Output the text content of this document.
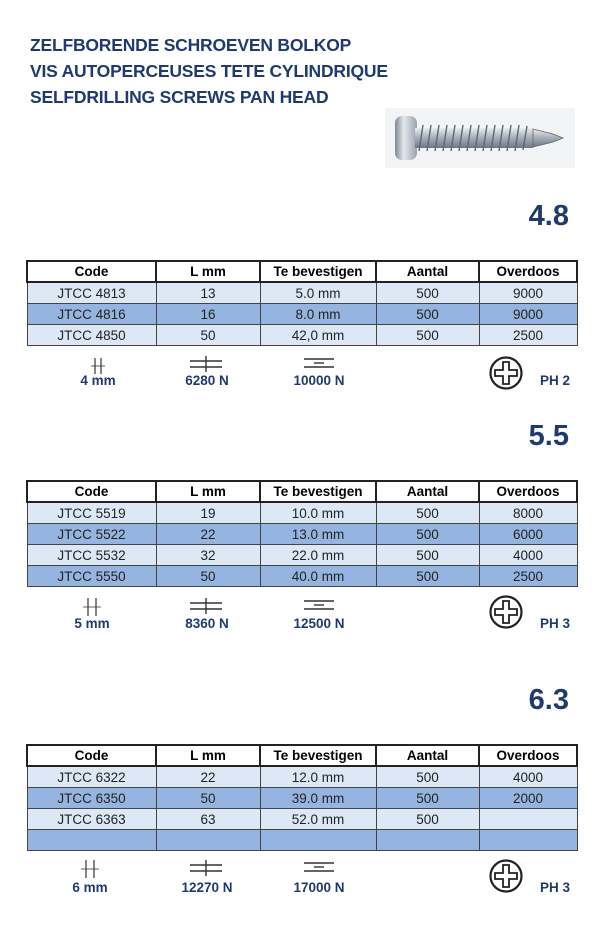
ZELFBORENDE SCHROEVEN BOLKOP
VIS AUTOPERCEUSES TETE CYLINDRIQUE
SELFDRILLING SCREWS PAN HEAD
4.8
Code	L mm	Te bevestigen	Aantal	Overdoos
JTCC 4813	13	5.0 mm	500	9000
JTCC 4816	16	8.0 mm	500	9000
JTCC 4850	50	42,0 mm	500	2500
4 mm	6280 N	10000 N	PH 2
5.5
Code	L mm	Te bevestigen	Aantal	Overdoos
JTCC 5519	19	10.0 mm	500	8000
JTCC 5522	22	13.0 mm	500	6000
JTCC 5532	32	22.0 mm	500	4000
JTCC 5550	50	40.0 mm	500	2500
5 mm	8360 N	12500 N	PH 3
6.3
Code	L mm	Te bevestigen	Aantal	Overdoos
JTCC 6322	22	12.0 mm	500	4000
JTCC 6350	50	39.0 mm	500	2000
JTCC 6363	63	52.0 mm	500	

6 mm	12270 N	17000 N	PH 3
